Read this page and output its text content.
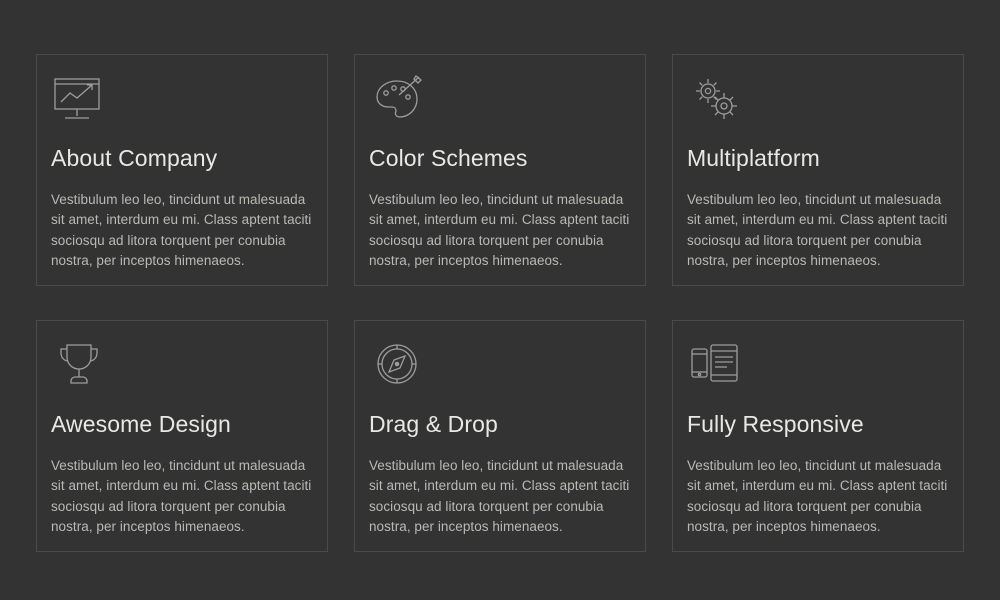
About Company

Vestibulum leo leo, tincidunt ut malesuada sit amet, interdum eu mi. Class aptent taciti sociosqu ad litora torquent per conubia nostra, per inceptos himenaeos.

Color Schemes

Vestibulum leo leo, tincidunt ut malesuada sit amet, interdum eu mi. Class aptent taciti sociosqu ad litora torquent per conubia nostra, per inceptos himenaeos.

Multiplatform

Vestibulum leo leo, tincidunt ut malesuada sit amet, interdum eu mi. Class aptent taciti sociosqu ad litora torquent per conubia nostra, per inceptos himenaeos.

Awesome Design

Vestibulum leo leo, tincidunt ut malesuada sit amet, interdum eu mi. Class aptent taciti sociosqu ad litora torquent per conubia nostra, per inceptos himenaeos.

Drag & Drop

Vestibulum leo leo, tincidunt ut malesuada sit amet, interdum eu mi. Class aptent taciti sociosqu ad litora torquent per conubia nostra, per inceptos himenaeos.

Fully Responsive

Vestibulum leo leo, tincidunt ut malesuada sit amet, interdum eu mi. Class aptent taciti sociosqu ad litora torquent per conubia nostra, per inceptos himenaeos.
